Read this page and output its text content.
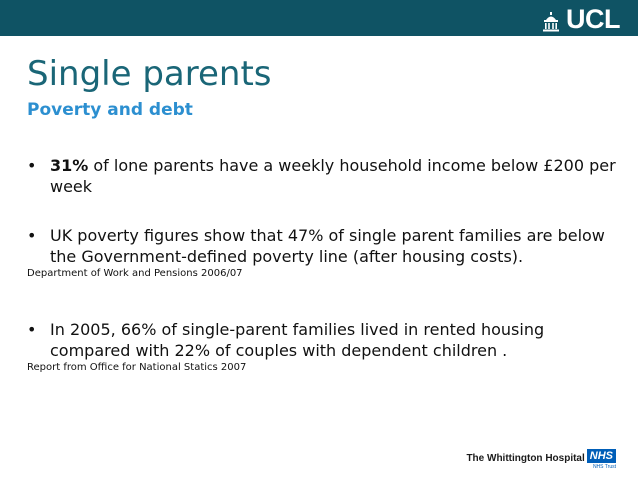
UCL
Single parents
Poverty and debt
• 31% of lone parents have a weekly household income below £200 per week
• UK poverty figures show that 47% of single parent families are below the Government-defined poverty line (after housing costs).
Department of Work and Pensions 2006/07
• In 2005, 66% of single-parent families lived in rented housing compared with 22% of couples with dependent children .
Report from Office for National Statics 2007
The Whittington Hospital NHS
NHS Trust
